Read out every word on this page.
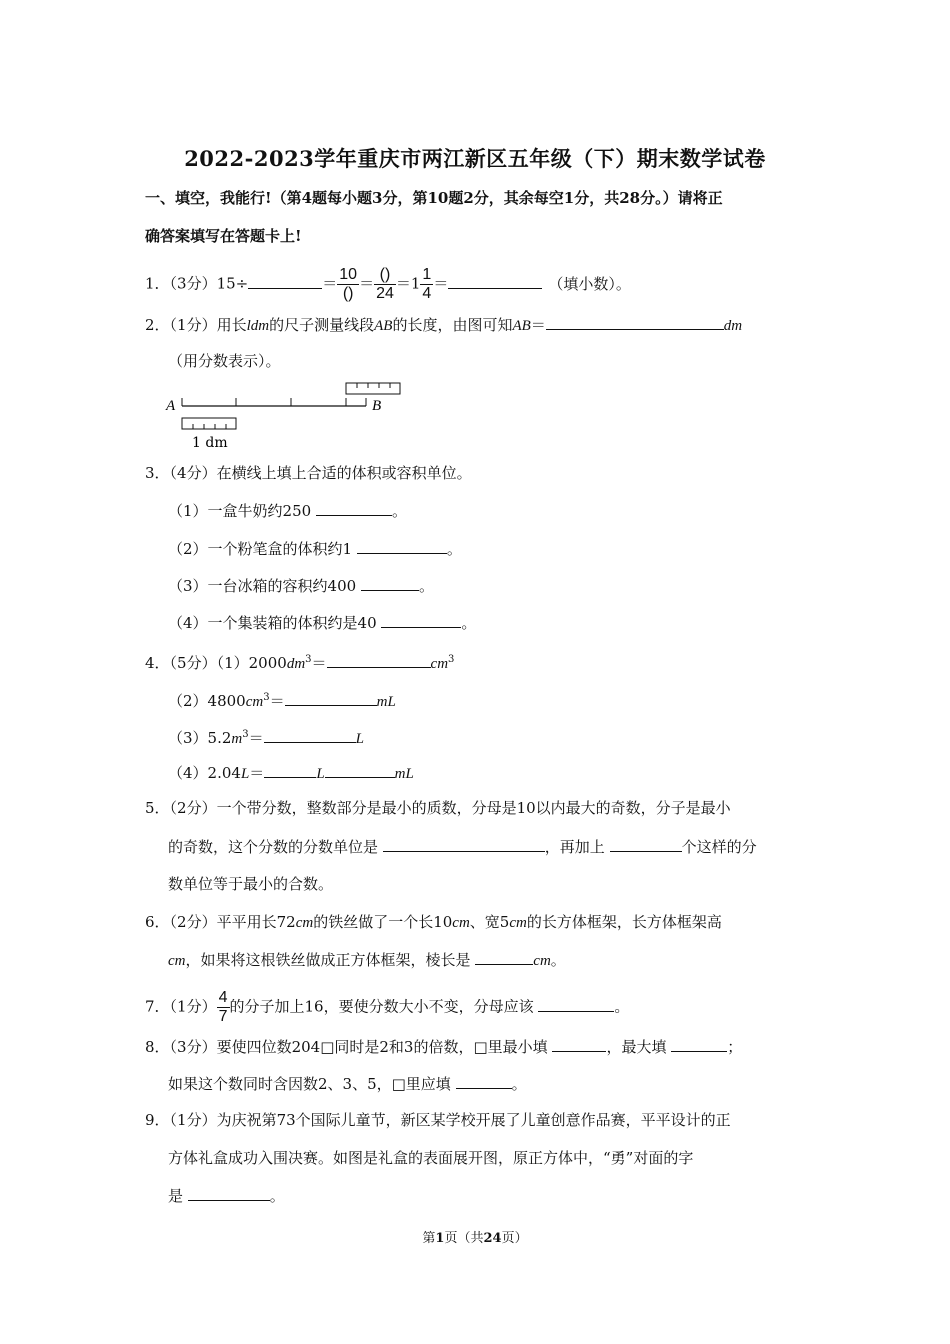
2022-2023学年重庆市两江新区五年级（下）期末数学试卷
一、填空，我能行!（第4题每小题3分，第10题2分，其余每空1分，共28分。）请将正
确答案填写在答题卡上!
1．（3分）15÷	＝ $\frac{10}{()} = \frac{()}{24} =1 \frac{1}{4}$ ＝	（填小数）。
2．（1分）用长ldm的尺子测量线段AB的长度，由图可知AB＝	dm
（用分数表示）。
A	B
1 dm
3．（4分）在横线上填上合适的体积或容积单位。
（1）一盒牛奶约250	。
（2）一个粉笔盒的体积约1	。
（3）一台冰箱的容积约400	。
（4）一个集装箱的体积约是40	。
4．（5分）$(1)2000dm^3=$	$cm^3$
$(2)4800cm^3=$	mL
$(3)5.2m^3=$	L
（4）2.04L＝	L	mL
5．（2分）一个带分数，整数部分是最小的质数，分母是10以内最大的奇数，分子是最小
的奇数，这个分数的分数单位是	，再加上	个这样的分
数单位等于最小的合数。
6．（2分）平平用长72cm的铁丝做了一个长10cm、宽5cm的长方体框架，长方体框架高
cm，如果将这根铁丝做成正方体框架，棱长是	cm。
7．（1分） $\frac{4}{7}$ 的分子加上16，要使分数大小不变，分母应该	。
8．（3分）要使四位数204□同时是2和3的倍数，□里最小填	，最大填	；
如果这个数同时含因数2、3、5，□里应填	。
9．（1分）为庆祝第73个国际儿童节，新区某学校开展了儿童创意作品赛，平平设计的正
方体礼盒成功入围决赛。如图是礼盒的表面展开图，原正方体中，“勇”对面的字
是	。
第1页（共24页）
